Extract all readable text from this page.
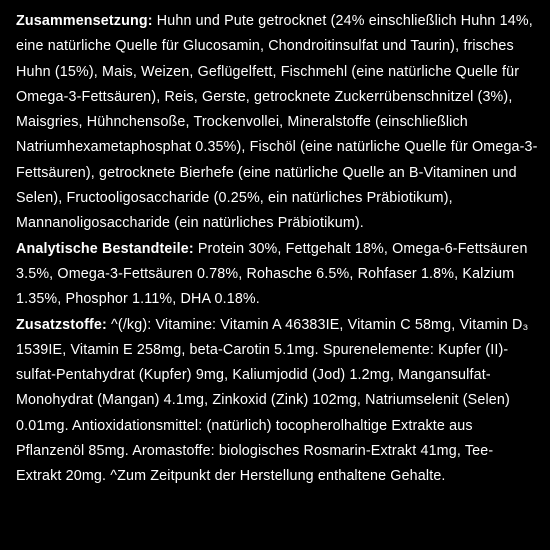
Zusammensetzung: Huhn und Pute getrocknet (24% einschließlich Huhn 14%, eine natürliche Quelle für Glucosamin, Chondroitinsulfat und Taurin), frisches Huhn (15%), Mais, Weizen, Geflügelfett, Fischmehl (eine natürliche Quelle für Omega-3-Fettsäuren), Reis, Gerste, getrocknete Zuckerrübenschnitzel (3%), Maisgries, Hühnchensoße, Trockenvollei, Mineralstoffe (einschließlich Natriumhexametaphosphat 0.35%), Fischöl (eine natürliche Quelle für Omega-3-Fettsäuren), getrocknete Bierhefe (eine natürliche Quelle an B-Vitaminen und Selen), Fructooligosaccharide (0.25%, ein natürliches Präbiotikum), Mannanoligosaccharide (ein natürliches Präbiotikum).

Analytische Bestandteile: Protein 30%, Fettgehalt 18%, Omega-6-Fettsäuren 3.5%, Omega-3-Fettsäuren 0.78%, Rohasche 6.5%, Rohfaser 1.8%, Kalzium 1.35%, Phosphor 1.11%, DHA 0.18%.

Zusatzstoffe: ^(/kg): Vitamine: Vitamin A 46383IE, Vitamin C 58mg, Vitamin D₃ 1539IE, Vitamin E 258mg, beta-Carotin 5.1mg. Spurenelemente: Kupfer (II)-sulfat-Pentahydrat (Kupfer) 9mg, Kaliumjodid (Jod) 1.2mg, Mangansulfat-Monohydrat (Mangan) 4.1mg, Zinkoxid (Zink) 102mg, Natriumselenit (Selen) 0.01mg. Antioxidationsmittel: (natürlich) tocopherolhaltige Extrakte aus Pflanzenöl 85mg. Aromastoffe: biologisches Rosmarin-Extrakt 41mg, Tee-Extrakt 20mg. ^Zum Zeitpunkt der Herstellung enthaltene Gehalte.
